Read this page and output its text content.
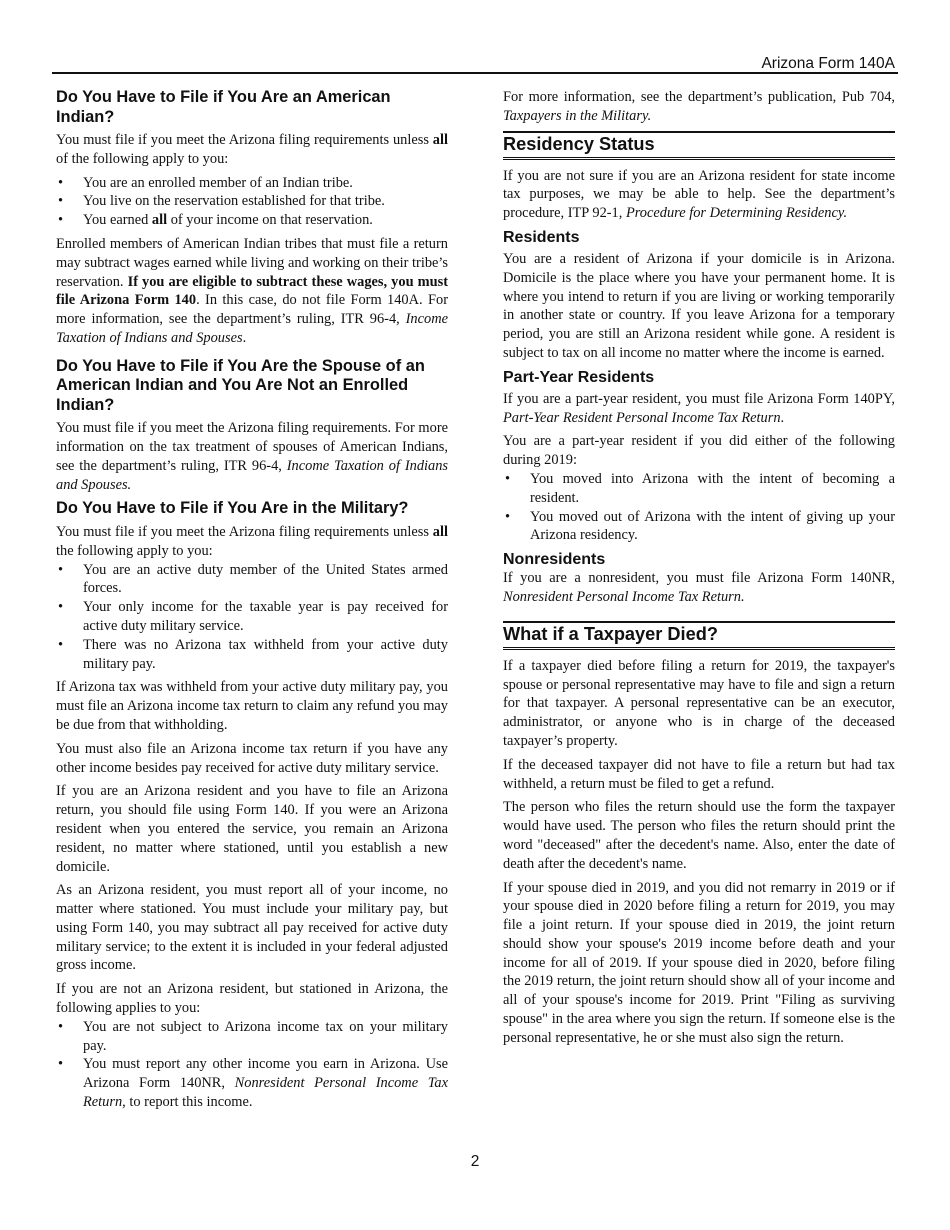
Arizona Form 140A
Do You Have to File if You Are an American Indian?

You must file if you meet the Arizona filing requirements unless all of the following apply to you:

• You are an enrolled member of an Indian tribe.
• You live on the reservation established for that tribe.
• You earned all of your income on that reservation.

Enrolled members of American Indian tribes that must file a return may subtract wages earned while living and working on their tribe’s reservation. If you are eligible to subtract these wages, you must file Arizona Form 140. In this case, do not file Form 140A. For more information, see the department’s ruling, ITR 96-4, Income Taxation of Indians and Spouses.

Do You Have to File if You Are the Spouse of an American Indian and You Are Not an Enrolled Indian?

You must file if you meet the Arizona filing requirements. For more information on the tax treatment of spouses of American Indians, see the department’s ruling, ITR 96-4, Income Taxation of Indians and Spouses.

Do You Have to File if You Are in the Military?

You must file if you meet the Arizona filing requirements unless all the following apply to you:

• You are an active duty member of the United States armed forces.
• Your only income for the taxable year is pay received for active duty military service.
• There was no Arizona tax withheld from your active duty military pay.

If Arizona tax was withheld from your active duty military pay, you must file an Arizona income tax return to claim any refund you may be due from that withholding.

You must also file an Arizona income tax return if you have any other income besides pay received for active duty military service.

If you are an Arizona resident and you have to file an Arizona return, you should file using Form 140. If you were an Arizona resident when you entered the service, you remain an Arizona resident, no matter where stationed, until you establish a new domicile.

As an Arizona resident, you must report all of your income, no matter where stationed. You must include your military pay, but using Form 140, you may subtract all pay received for active duty military service; to the extent it is included in your federal adjusted gross income.

If you are not an Arizona resident, but stationed in Arizona, the following applies to you:

• You are not subject to Arizona income tax on your military pay.
• You must report any other income you earn in Arizona. Use Arizona Form 140NR, Nonresident Personal Income Tax Return, to report this income.

For more information, see the department’s publication, Pub 704, Taxpayers in the Military.

Residency Status

If you are not sure if you are an Arizona resident for state income tax purposes, we may be able to help. See the department’s procedure, ITP 92-1, Procedure for Determining Residency.

Residents

You are a resident of Arizona if your domicile is in Arizona. Domicile is the place where you have your permanent home. It is where you intend to return if you are living or working temporarily in another state or country. If you leave Arizona for a temporary period, you are still an Arizona resident while gone. A resident is subject to tax on all income no matter where the income is earned.

Part-Year Residents

If you are a part-year resident, you must file Arizona Form 140PY, Part-Year Resident Personal Income Tax Return.

You are a part-year resident if you did either of the following during 2019:

• You moved into Arizona with the intent of becoming a resident.
• You moved out of Arizona with the intent of giving up your Arizona residency.
Nonresidents

If you are a nonresident, you must file Arizona Form 140NR, Nonresident Personal Income Tax Return.

What if a Taxpayer Died?

If a taxpayer died before filing a return for 2019, the taxpayer's spouse or personal representative may have to file and sign a return for that taxpayer. A personal representative can be an executor, administrator, or anyone who is in charge of the deceased taxpayer’s property.

If the deceased taxpayer did not have to file a return but had tax withheld, a return must be filed to get a refund.

The person who files the return should use the form the taxpayer would have used. The person who files the return should print the word "deceased" after the decedent's name. Also, enter the date of death after the decedent's name.

If your spouse died in 2019, and you did not remarry in 2019 or if your spouse died in 2020 before filing a return for 2019, you may file a joint return. If your spouse died in 2019, the joint return should show your spouse's 2019 income before death and your income for all of 2019. If your spouse died in 2020, before filing the 2019 return, the joint return should show all of your income and all of your spouse's income for 2019. Print "Filing as surviving spouse" in the area where you sign the return. If someone else is the personal representative, he or she must also sign the return.

2
